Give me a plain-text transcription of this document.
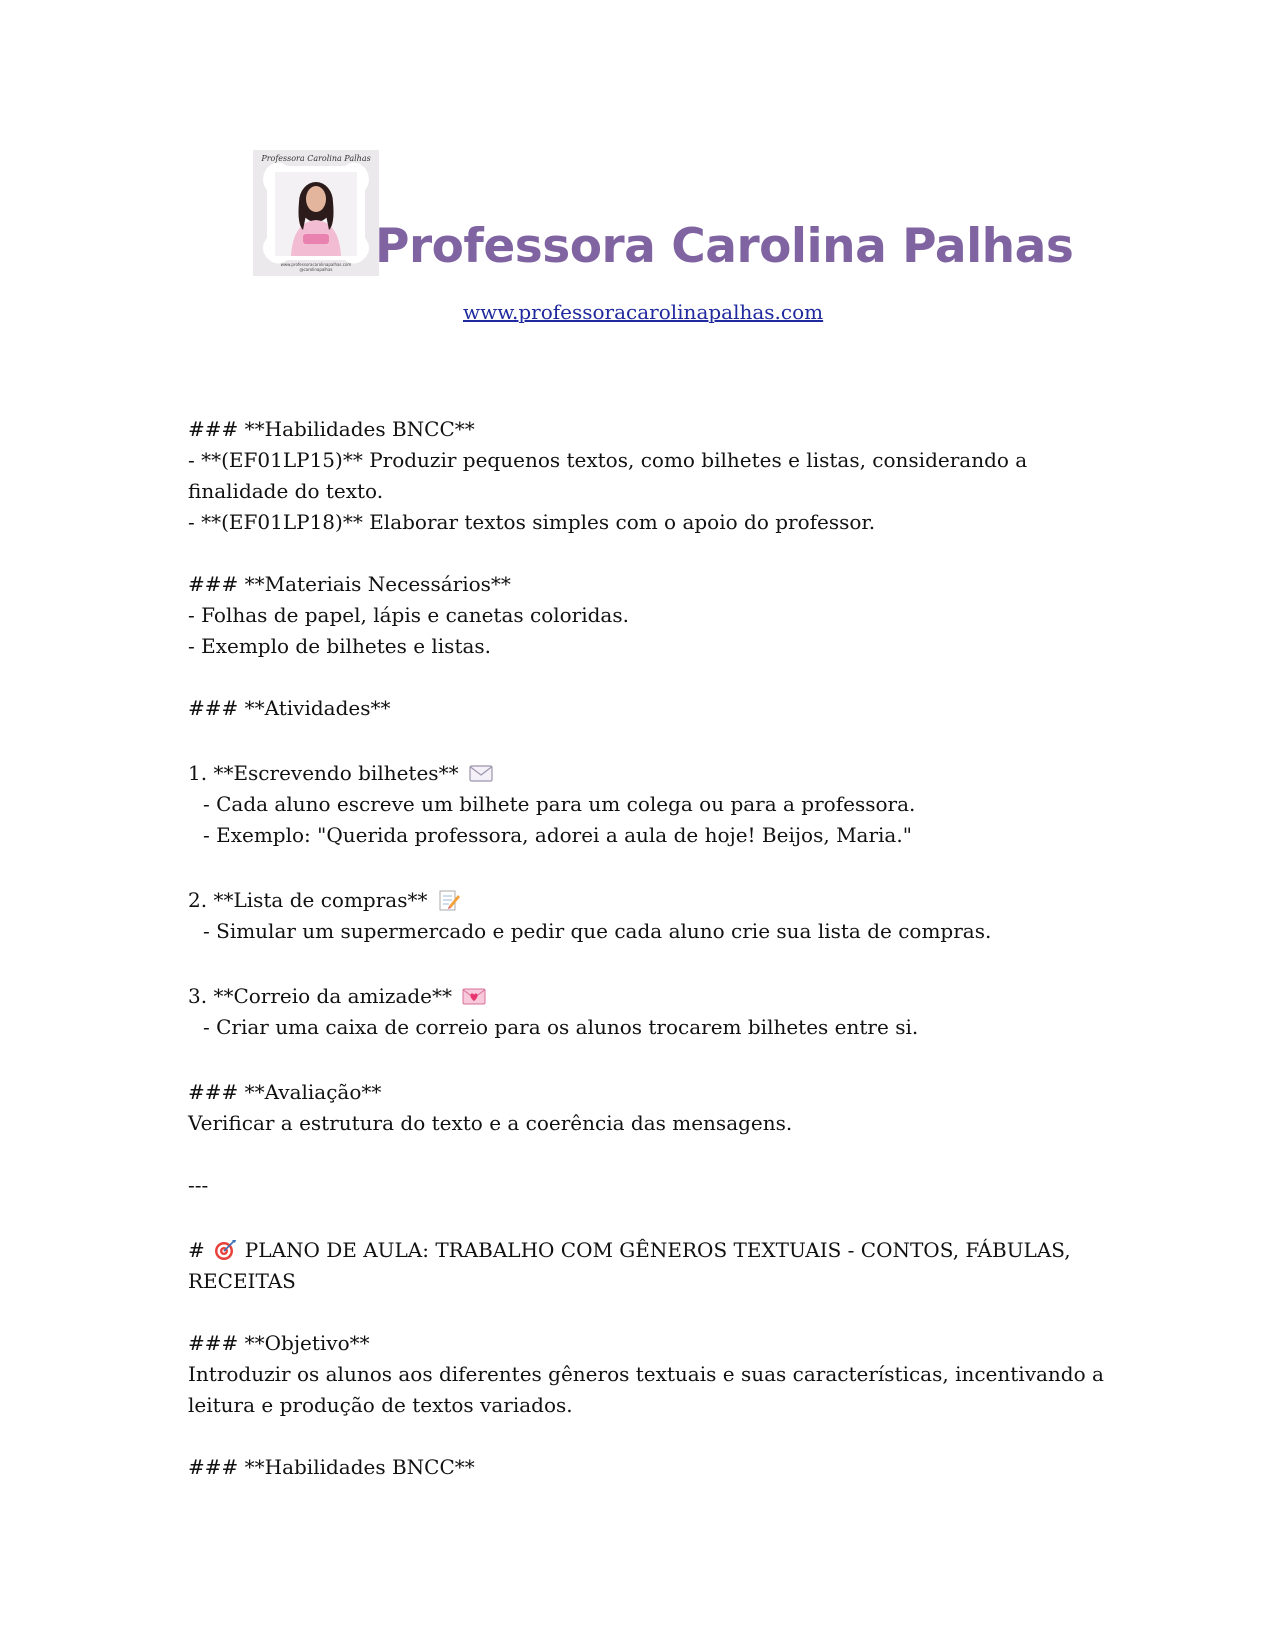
Professora Carolina Palhas
www.professoracarolinapalhas.com
@carolinapalhas Professora Carolina Palhas
www.professoracarolinapalhas.com
### **Habilidades BNCC**
- **(EF01LP15)** Produzir pequenos textos, como bilhetes e listas, considerando a
finalidade do texto.
- **(EF01LP18)** Elaborar textos simples com o apoio do professor.
### **Materiais Necessários**
- Folhas de papel, lápis e canetas coloridas.
- Exemplo de bilhetes e listas.
### **Atividades**
1. **Escrevendo bilhetes**
- Cada aluno escreve um bilhete para um colega ou para a professora.
- Exemplo: "Querida professora, adorei a aula de hoje! Beijos, Maria."
2. **Lista de compras**
- Simular um supermercado e pedir que cada aluno crie sua lista de compras.
3. **Correio da amizade**
- Criar uma caixa de correio para os alunos trocarem bilhetes entre si.
### **Avaliação**
Verificar a estrutura do texto e a coerência das mensagens.
---
# PLANO DE AULA: TRABALHO COM GÊNEROS TEXTUAIS - CONTOS, FÁBULAS,
RECEITAS
### **Objetivo**
Introduzir os alunos aos diferentes gêneros textuais e suas características, incentivando a
leitura e produção de textos variados.
### **Habilidades BNCC**
